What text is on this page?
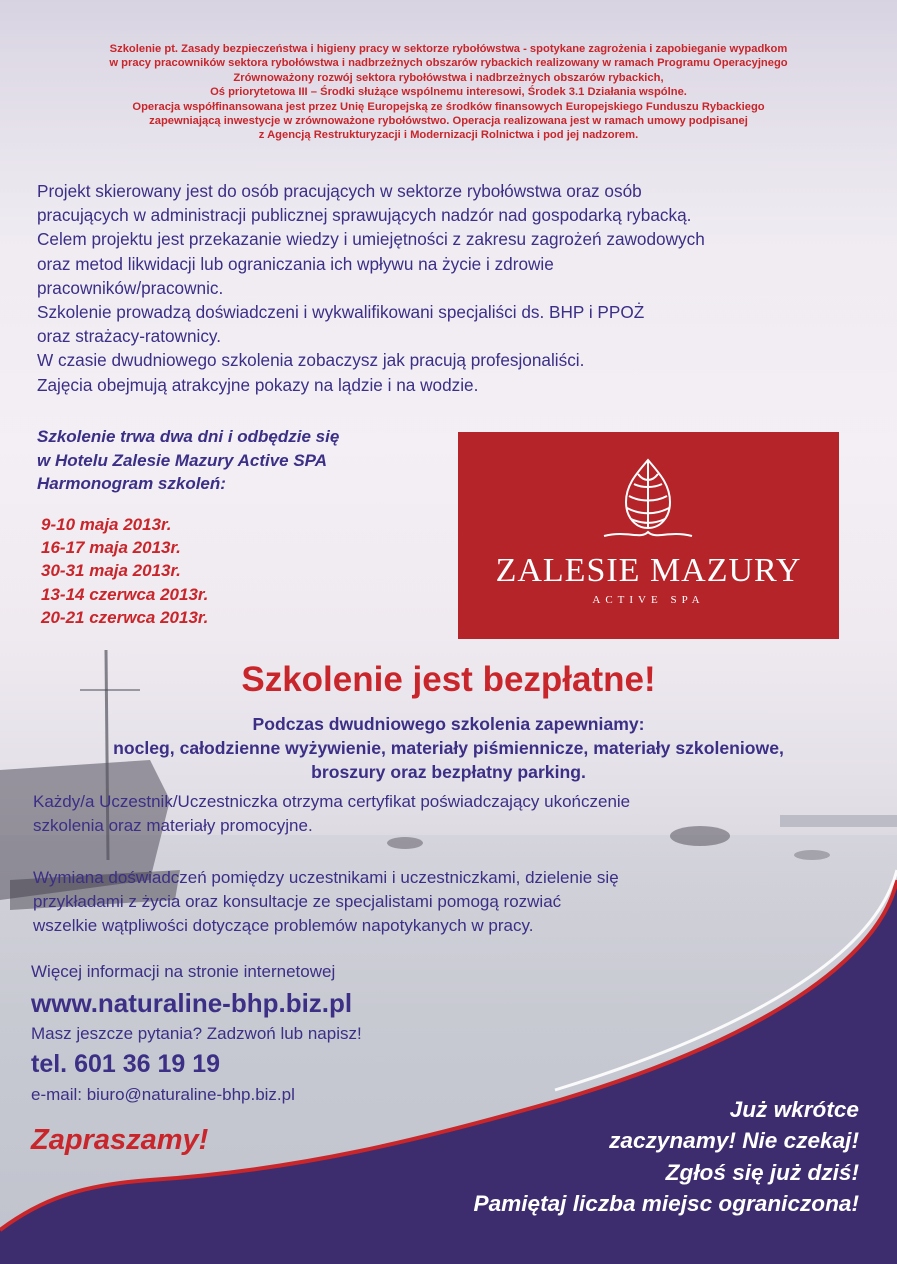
Szkolenie pt. Zasady bezpieczeństwa i higieny pracy w sektorze rybołówstwa - spotykane zagrożenia i zapobieganie wypadkom
w pracy pracowników sektora rybołówstwa i nadbrzeżnych obszarów rybackich realizowany w ramach Programu Operacyjnego
Zrównoważony rozwój sektora rybołówstwa i nadbrzeżnych obszarów rybackich,
Oś priorytetowa III – Środki służące wspólnemu interesowi, Środek 3.1 Działania wspólne.
Operacja współfinansowana jest przez Unię Europejską ze środków finansowych Europejskiego Funduszu Rybackiego
zapewniającą inwestycje w zrównoważone rybołówstwo. Operacja realizowana jest w ramach umowy podpisanej
z Agencją Restrukturyzacji i Modernizacji Rolnictwa i pod jej nadzorem.
Projekt skierowany jest do osób pracujących w sektorze rybołówstwa oraz osób
pracujących w administracji publicznej sprawujących nadzór nad gospodarką rybacką.
Celem projektu jest przekazanie wiedzy i umiejętności z zakresu zagrożeń zawodowych
oraz metod likwidacji lub ograniczania ich wpływu na życie i zdrowie
pracowników/pracownic.
Szkolenie prowadzą doświadczeni i wykwalifikowani specjaliści ds. BHP i PPOŻ
oraz strażacy-ratownicy.
W czasie dwudniowego szkolenia zobaczysz jak pracują profesjonaliści.
Zajęcia obejmują atrakcyjne pokazy na lądzie i na wodzie.
Szkolenie trwa dwa dni i odbędzie się
w Hotelu Zalesie Mazury Active SPA
Harmonogram szkoleń:
9-10 maja 2013r.
16-17 maja 2013r.
30-31 maja 2013r.
13-14 czerwca 2013r.
20-21 czerwca 2013r.
ZALESIE MAZURY
ACTIVE SPA
Szkolenie jest bezpłatne!
Podczas dwudniowego szkolenia zapewniamy:
nocleg, całodzienne wyżywienie, materiały piśmiennicze, materiały szkoleniowe,
broszury oraz bezpłatny parking.
Każdy/a Uczestnik/Uczestniczka otrzyma certyfikat poświadczający ukończenie
szkolenia oraz materiały promocyjne.
Wymiana doświadczeń pomiędzy uczestnikami i uczestniczkami, dzielenie się
przykładami z życia oraz konsultacje ze specjalistami pomogą rozwiać
wszelkie wątpliwości dotyczące problemów napotykanych w pracy.
Więcej informacji na stronie internetowej
www.naturaline-bhp.biz.pl
Masz jeszcze pytania? Zadzwoń lub napisz!
tel. 601 36 19 19
e-mail: biuro@naturaline-bhp.biz.pl
Zapraszamy!
Już wkrótce
zaczynamy! Nie czekaj!
Zgłoś się już dziś!
Pamiętaj liczba miejsc ograniczona!
